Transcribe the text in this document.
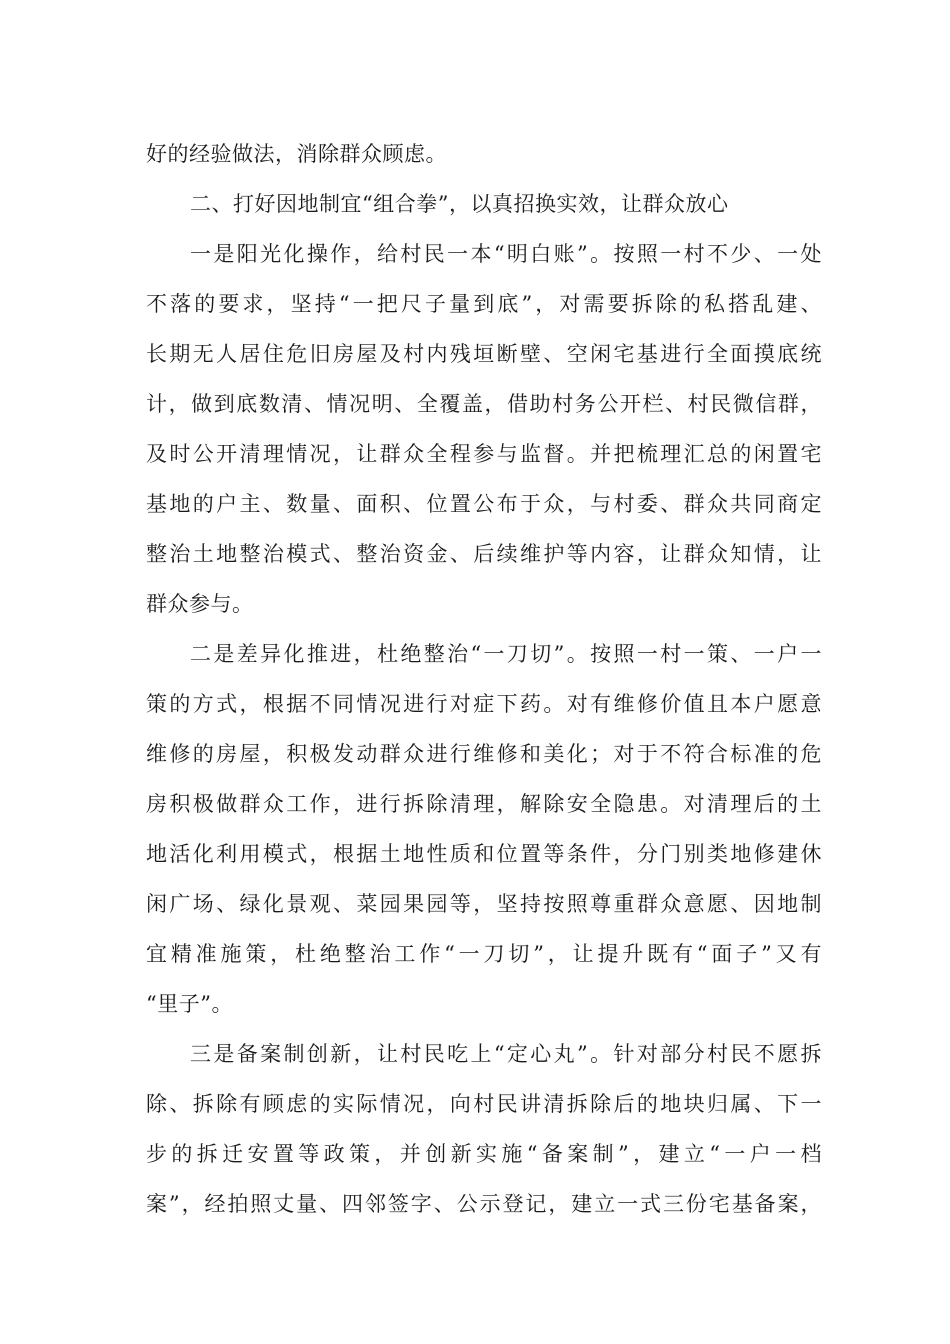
好的经验做法，消除群众顾虑。
二、打好因地制宜“组合拳”，以真招换实效，让群众放心
一是阳光化操作，给村民一本“明白账”。按照一村不少、一处
不落的要求，坚持“一把尺子量到底”，对需要拆除的私搭乱建、
长期无人居住危旧房屋及村内残垣断壁、空闲宅基进行全面摸底统
计，做到底数清、情况明、全覆盖，借助村务公开栏、村民微信群，
及时公开清理情况，让群众全程参与监督。并把梳理汇总的闲置宅
基地的户主、数量、面积、位置公布于众，与村委、群众共同商定
整治土地整治模式、整治资金、后续维护等内容，让群众知情，让
群众参与。
二是差异化推进，杜绝整治“一刀切”。按照一村一策、一户一
策的方式，根据不同情况进行对症下药。对有维修价值且本户愿意
维修的房屋，积极发动群众进行维修和美化；对于不符合标准的危
房积极做群众工作，进行拆除清理，解除安全隐患。对清理后的土
地活化利用模式，根据土地性质和位置等条件，分门别类地修建休
闲广场、绿化景观、菜园果园等，坚持按照尊重群众意愿、因地制
宜精准施策，杜绝整治工作“一刀切”，让提升既有“面子”又有
“里子”。
三是备案制创新，让村民吃上“定心丸”。针对部分村民不愿拆
除、拆除有顾虑的实际情况，向村民讲清拆除后的地块归属、下一
步的拆迁安置等政策，并创新实施“备案制”，建立“一户一档
案”，经拍照丈量、四邻签字、公示登记，建立一式三份宅基备案，
